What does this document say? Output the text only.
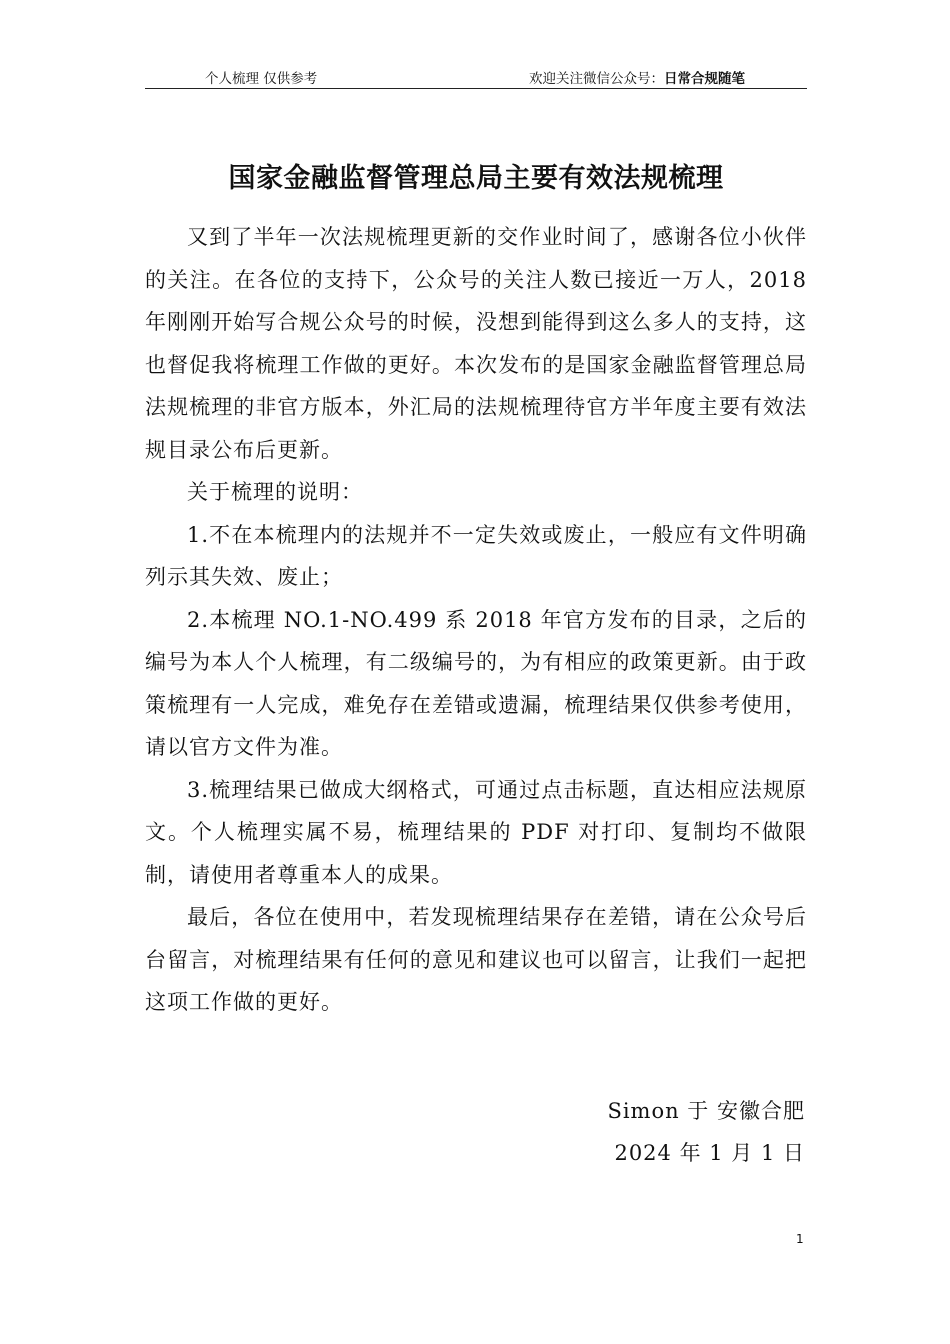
个人梳理 仅供参考	欢迎关注微信公众号：日常合规随笔
国家金融监督管理总局主要有效法规梳理

又到了半年一次法规梳理更新的交作业时间了，感谢各位小伙伴的关注。在各位的支持下，公众号的关注人数已接近一万人，2018 年刚刚开始写合规公众号的时候，没想到能得到这么多人的支持，这也督促我将梳理工作做的更好。本次发布的是国家金融监督管理总局法规梳理的非官方版本，外汇局的法规梳理待官方半年度主要有效法规目录公布后更新。

关于梳理的说明：

1.不在本梳理内的法规并不一定失效或废止，一般应有文件明确列示其失效、废止；

2.本梳理 NO.1-NO.499 系 2018 年官方发布的目录，之后的编号为本人个人梳理，有二级编号的，为有相应的政策更新。由于政策梳理有一人完成，难免存在差错或遗漏，梳理结果仅供参考使用，请以官方文件为准。

3.梳理结果已做成大纲格式，可通过点击标题，直达相应法规原文。个人梳理实属不易，梳理结果的 PDF 对打印、复制均不做限制，请使用者尊重本人的成果。

最后，各位在使用中，若发现梳理结果存在差错，请在公众号后台留言，对梳理结果有任何的意见和建议也可以留言，让我们一起把这项工作做的更好。

Simon 于 安徽合肥
2024 年 1 月 1 日
1
